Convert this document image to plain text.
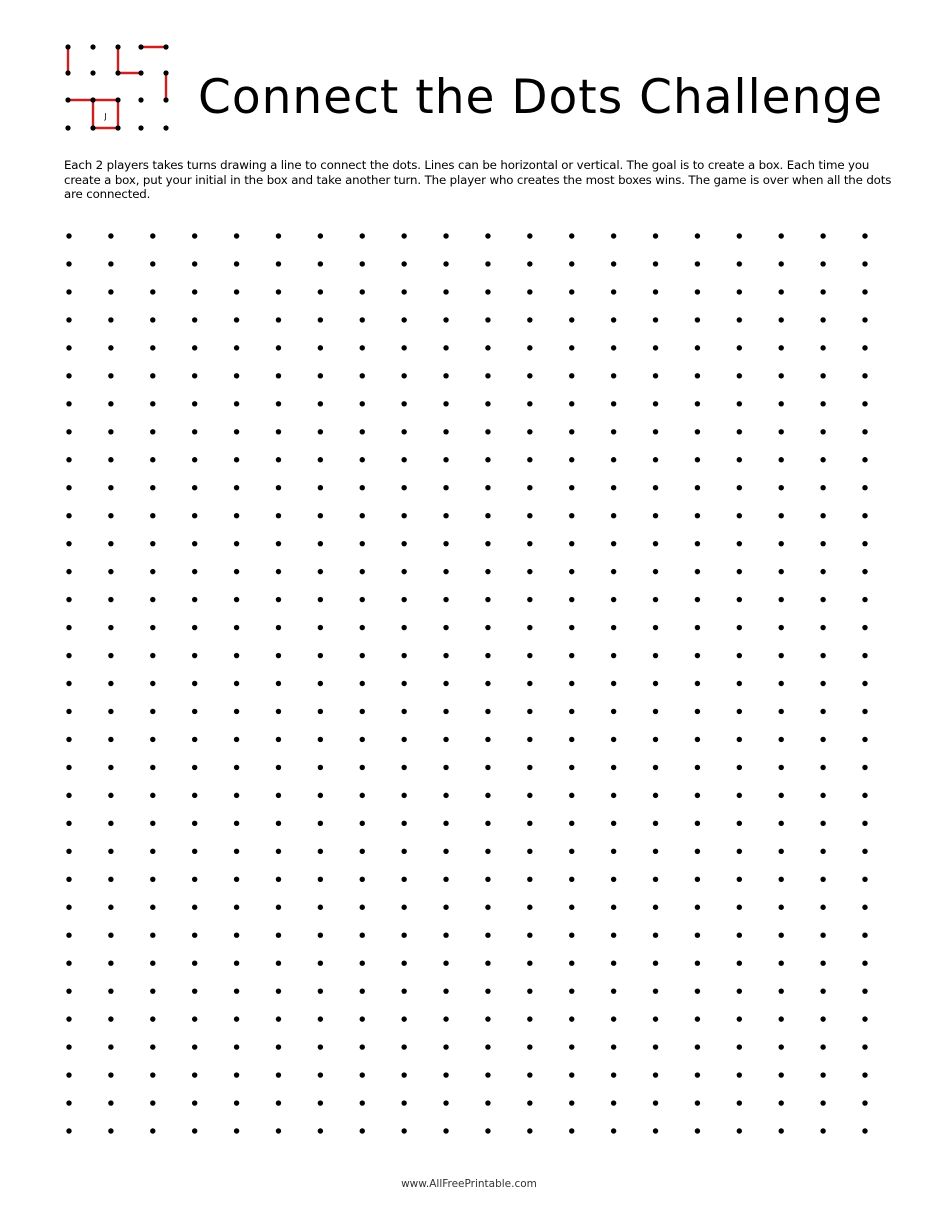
J Connect the Dots Challenge

Each 2 players takes turns drawing a line to connect the dots. Lines can be horizontal or vertical. The goal is to create a box. Each time you create a box, put your initial in the box and take another turn. The player who creates the most boxes wins. The game is over when all the dots are connected.

www.AllFreePrintable.com
